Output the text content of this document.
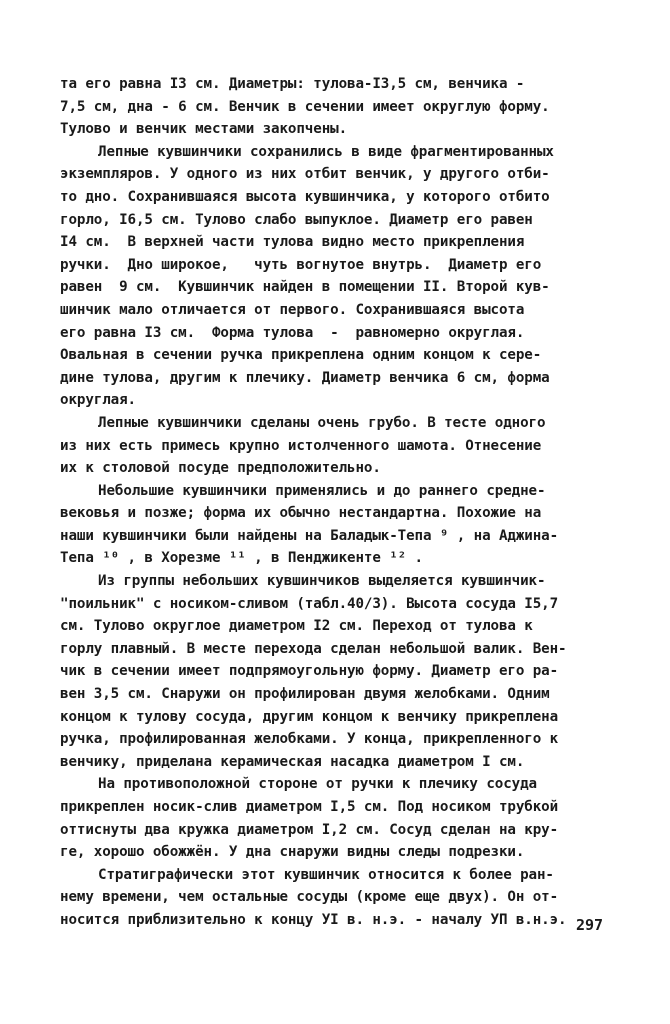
та его равна I3 см. Диаметры: тулова-I3,5 см, венчика -
7,5 см, дна - 6 см. Венчик в сечении имеет округлую форму.
Тулово и венчик местами закопчены.
Лепные кувшинчики сохранились в виде фрагментированных
экземпляров. У одного из них отбит венчик, у другого отби-
то дно. Сохранившаяся высота кувшинчика, у которого отбито
горло, I6,5 см. Тулово слабо выпуклое. Диаметр его равен
I4 см.  В верхней части тулова видно место прикрепления
ручки.  Дно широкое,   чуть вогнутое внутрь.  Диаметр его
равен  9 см.  Кувшинчик найден в помещении II. Второй кув-
шинчик мало отличается от первого. Сохранившаяся высота
его равна I3 см.  Форма тулова  -  равномерно округлая.
Овальная в сечении ручка прикреплена одним концом к сере-
дине тулова, другим к плечику. Диаметр венчика 6 см, форма
округлая.
Лепные кувшинчики сделаны очень грубо. В тесте одного
из них есть примесь крупно истолченного шамота. Отнесение
их к столовой посуде предположительно.
Небольшие кувшинчики применялись и до раннего средне-
вековья и позже; форма их обычно нестандартна. Похожие на
наши кувшинчики были найдены на Баладык-Тепа ⁹ , на Аджина-
Тепа ¹⁰ , в Хорезме ¹¹ , в Пенджикенте ¹² .
Из группы небольших кувшинчиков выделяется кувшинчик-
"поильник" с носиком-сливом (табл.40/3). Высота сосуда I5,7
см. Тулово округлое диаметром I2 см. Переход от тулова к
горлу плавный. В месте перехода сделан небольшой валик. Вен-
чик в сечении имеет подпрямоугольную форму. Диаметр его ра-
вен 3,5 см. Снаружи он профилирован двумя желобками. Одним
концом к тулову сосуда, другим концом к венчику прикреплена
ручка, профилированная желобками. У конца, прикрепленного к
венчику, приделана керамическая насадка диаметром I см.
На противоположной стороне от ручки к плечику сосуда
прикреплен носик-слив диаметром I,5 см. Под носиком трубкой
оттиснуты два кружка диаметром I,2 см. Сосуд сделан на кру-
ге, хорошо обожжён. У дна снаружи видны следы подрезки.
Стратиграфически этот кувшинчик относится к более ран-
нему времени, чем остальные сосуды (кроме еще двух). Он от-
носится приблизительно к концу УI в. н.э. - началу УП в.н.э. 297
